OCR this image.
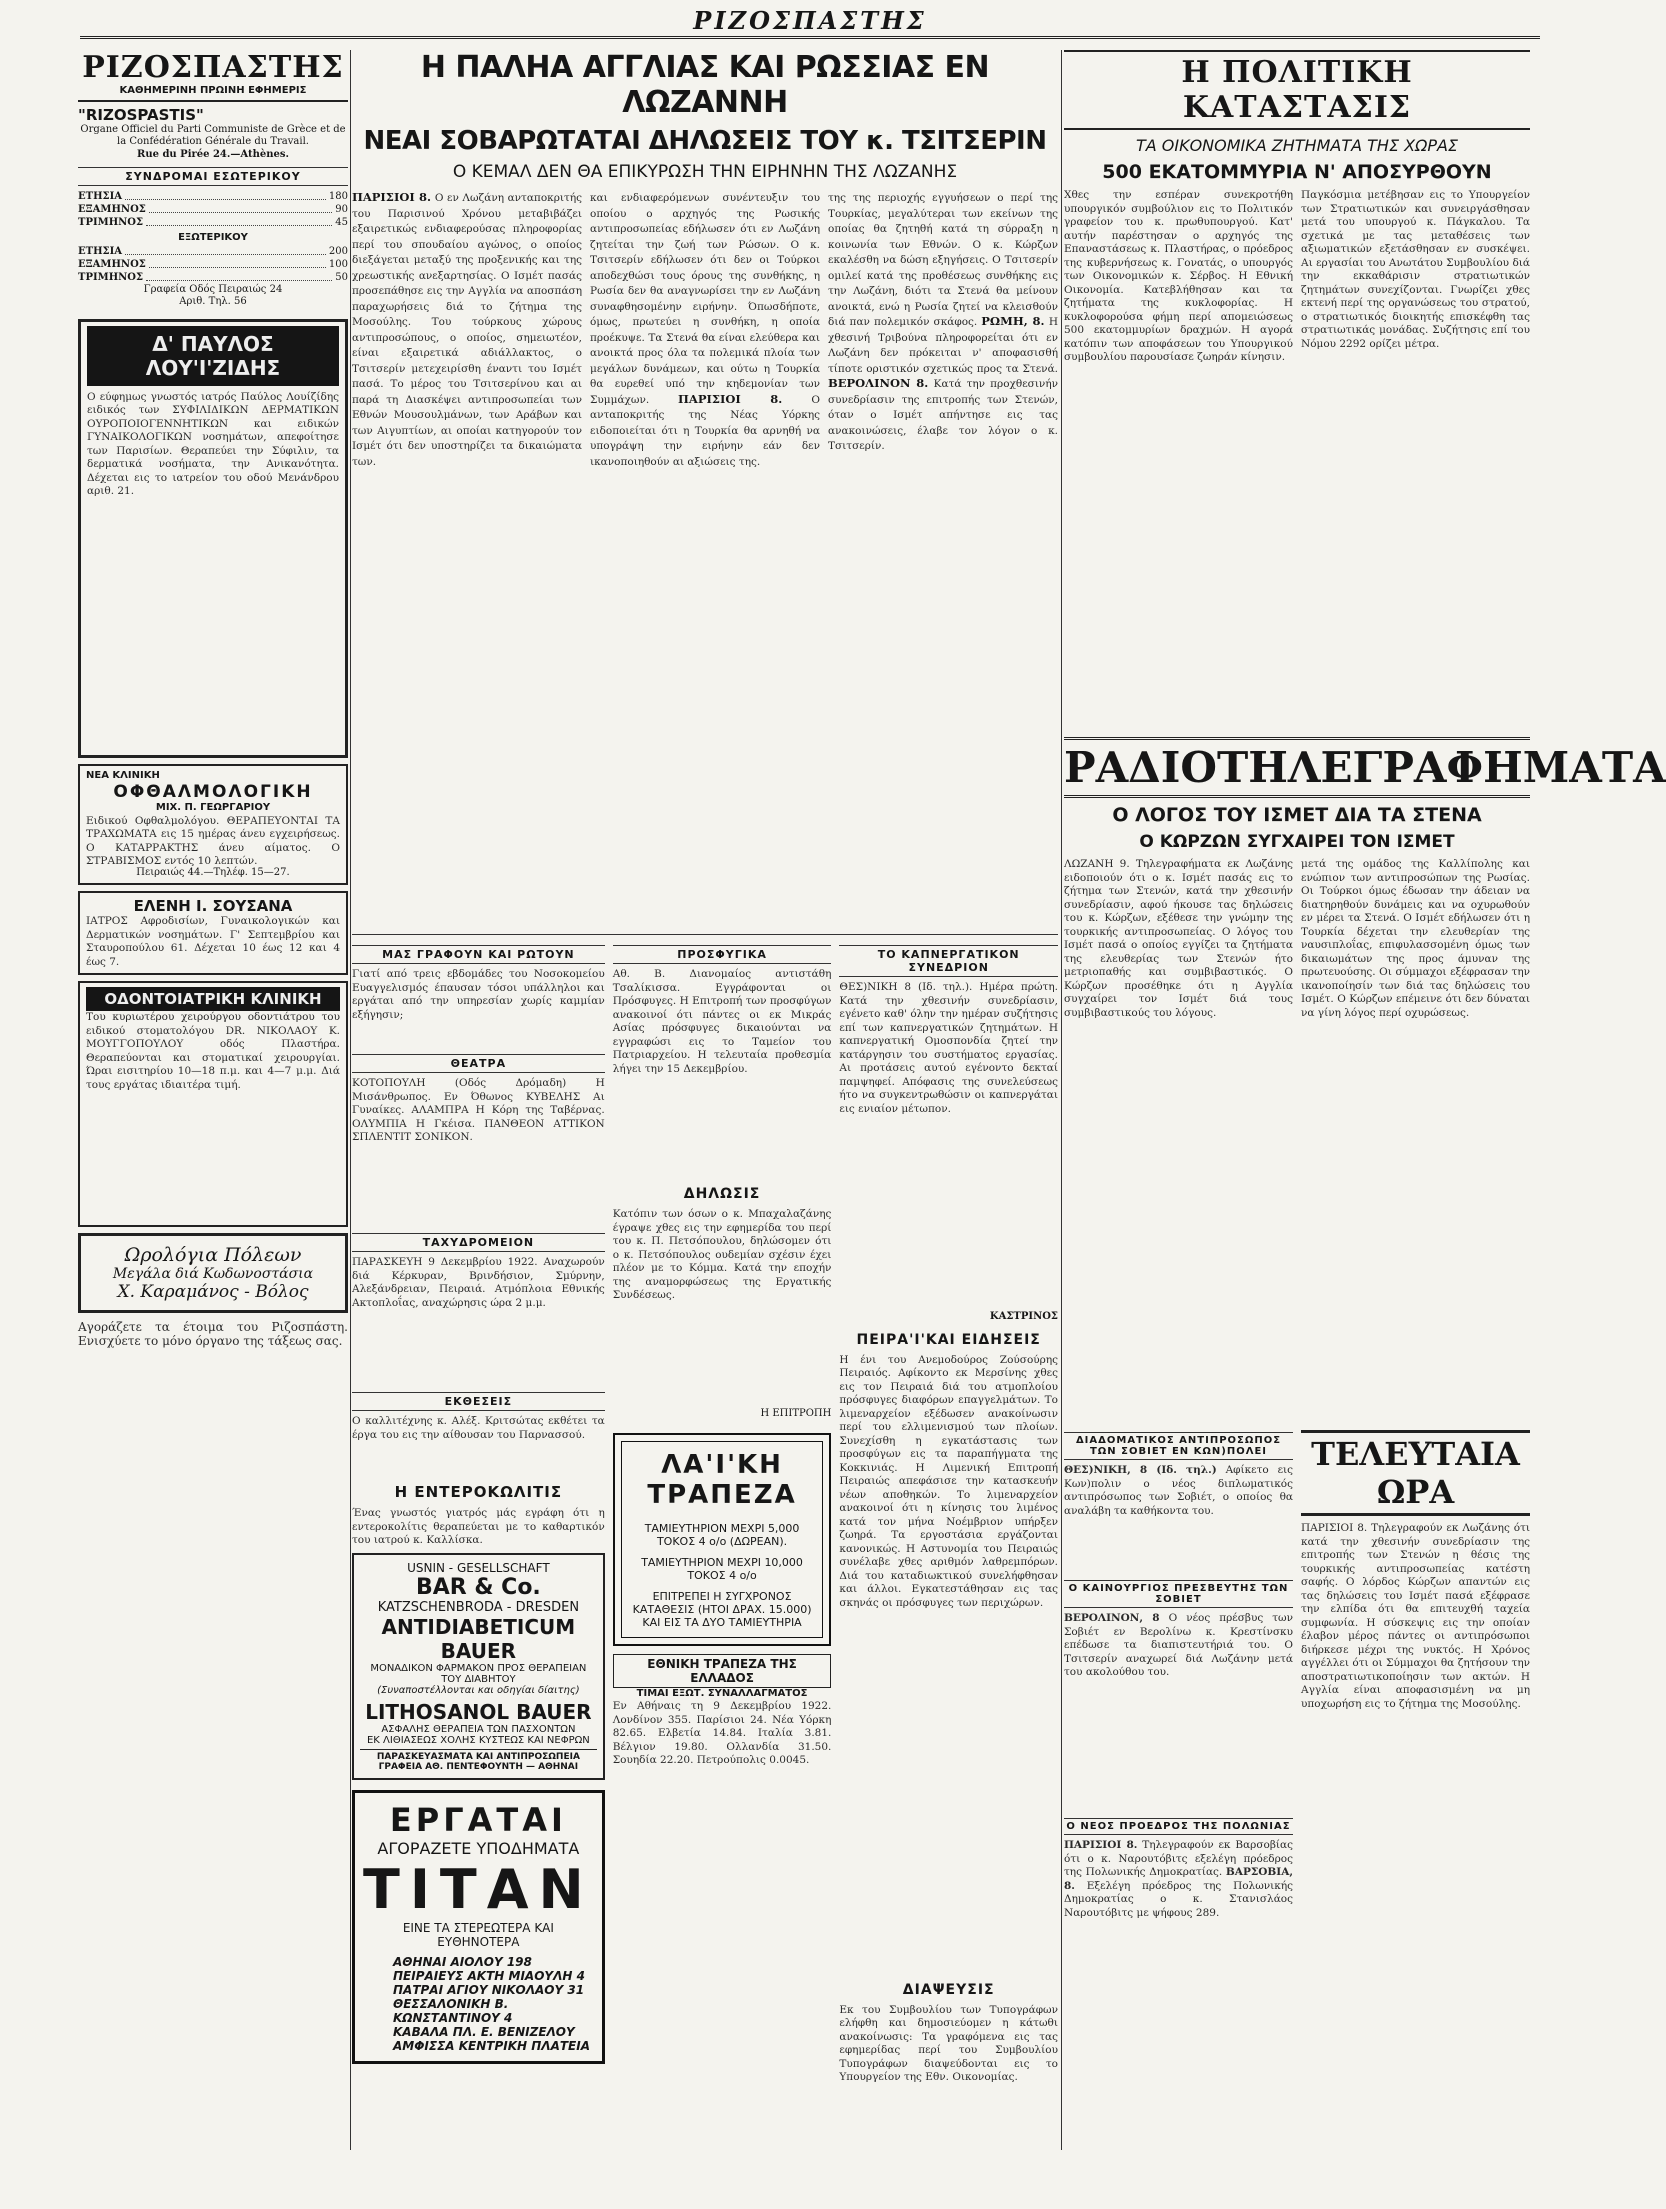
ΡΙΖΟΣΠΑΣΤΗΣ
ΡΙΖΟΣΠΑΣΤΗΣ
ΚΑΘΗΜΕΡΙΝΗ ΠΡΩΙΝΗ ΕΦΗΜΕΡΙΣ
"RIZOSPASTIS"
Organe Officiel du Parti Communiste de Grèce et de la Confédération Générale du Travail.
Rue du Pirée 24.—Athènes.
ΣΥΝΔΡΟΜΑΙ ΕΣΩΤΕΡΙΚΟΥ
ΕΤΗΣΙΑ	180
ΕΞΑΜΗΝΟΣ	90
ΤΡΙΜΗΝΟΣ	45
ΕΞΩΤΕΡΙΚΟΥ
ΕΤΗΣΙΑ	200
ΕΞΑΜΗΝΟΣ	100
ΤΡΙΜΗΝΟΣ	50
Γραφεία Οδός Πειραιώς 24
Αριθ. Τηλ. 56
Δ' ΠΑΥΛΟΣ ΛΟΥ'Ι'ΖΙΔΗΣ
Ο εύφημως γνωστός ιατρός Παύλος Λουίζίδης ειδικός των ΣΥΦΙΛΙΔΙΚΩΝ ΔΕΡΜΑΤΙΚΩΝ ΟΥΡΟΠΟΙΟΓΕΝΝΗΤΙΚΩΝ και ειδικών ΓΥΝΑΙΚΟΛΟΓΙΚΩΝ νοσημάτων, απεφοίτησε των Παρισίων. Θεραπεύει την Σύφιλιν, τα δερματικά νοσήματα, την Ανικανότητα. Δέχεται εις το ιατρείον του οδού Μενάνδρου αριθ. 21.
ΝΕΑ ΚΛΙΝΙΚΗ
ΟΦΘΑΛΜΟΛΟΓΙΚΗ
ΜΙΧ. Π. ΓΕΩΡΓΑΡΙΟΥ
Ειδικού Οφθαλμολόγου. ΘΕΡΑΠΕΥΟΝΤΑΙ ΤΑ ΤΡΑΧΩΜΑΤΑ εις 15 ημέρας άνευ εγχειρήσεως. Ο ΚΑΤΑΡΡΑΚΤΗΣ άνευ αίματος. Ο ΣΤΡΑΒΙΣΜΟΣ εντός 10 λεπτών.
Πειραιώς 44.—Τηλέφ. 15—27.
ΕΛΕΝΗ Ι. ΣΟΥΣΑΝΑ
ΙΑΤΡΟΣ Αφροδισίων, Γυναικολογικών και Δερματικών νοσημάτων. Γ' Σεπτεμβρίου και Σταυροπούλου 61. Δέχεται 10 έως 12 και 4 έως 7.
ΟΔΟΝΤΟΙΑΤΡΙΚΗ ΚΛΙΝΙΚΗ
Του κυριωτέρου χειρούργου οδοντιάτρου του ειδικού στοματολόγου DR. ΝΙΚΟΛΑΟΥ Κ. ΜΟΥΓΓΟΠΟΥΛΟΥ οδός Πλαστήρα. Θεραπεύονται και στοματικαί χειρουργίαι. Ώραι εισιτηρίου 10—18 π.μ. και 4—7 μ.μ. Διά τους εργάτας ιδιαιτέρα τιμή.
Ωρολόγια Πόλεων
Μεγάλα διά Κωδωνοστάσια
Χ. Καραμάνος - Βόλος
Αγοράζετε τα έτοιμα του Ριζοσπάστη. Ενισχύετε το μόνο όργανο της τάξεως σας.
Η ΠΑΛΗΑ ΑΓΓΛΙΑΣ ΚΑΙ ΡΩΣΣΙΑΣ ΕΝ ΛΩΖΑΝΝΗ
ΝΕΑΙ ΣΟΒΑΡΩΤΑΤΑΙ ΔΗΛΩΣΕΙΣ ΤΟΥ κ. ΤΣΙΤΣΕΡΙΝ
Ο ΚΕΜΑΛ ΔΕΝ ΘΑ ΕΠΙΚΥΡΩΣΗ ΤΗΝ ΕΙΡΗΝΗΝ ΤΗΣ ΛΩΖΑΝΗΣ
ΠΑΡΙΣΙΟΙ 8. Ο εν Λωζάνη ανταποκριτής του Παρισινού Χρόνου μεταβιβάζει εξαιρετικώς ενδιαφερούσας πληροφορίας περί του σπουδαίου αγώνος, ο οποίος διεξάγεται μεταξύ της προξενικής και της χρεωστικής ανεξαρτησίας. Ο Ισμέτ πασάς προσεπάθησε εις την Αγγλία να αποσπάση παραχωρήσεις διά το ζήτημα της Μοσούλης. Του τούρκους χώρους αντιπροσώπους, ο οποίος, σημειωτέον, είναι εξαιρετικά αδιάλλακτος, ο Τσιτσερίν μετεχειρίσθη έναντι του Ισμέτ πασά. Το μέρος του Τσιτσερίνου και αι παρά τη Διασκέψει αντιπροσωπείαι των Εθνών Μουσουλμάνων, των Αράβων και των Αιγυπτίων, αι οποίαι κατηγορούν τον Ισμέτ ότι δεν υποστηρίζει τα δικαιώματα των.
και ενδιαφερόμενων συνέντευξιν του οποίου ο αρχηγός της Ρωσικής αντιπροσωπείας εδήλωσεν ότι εν Λωζάνη ζητείται την ζωή των Ρώσων. Ο κ. Τσιτσερίν εδήλωσεν ότι δεν οι Τούρκοι αποδεχθώσι τους όρους της συνθήκης, η Ρωσία δεν θα αναγνωρίσει την εν Λωζάνη συναφθησομένην ειρήνην. Όπωσδήποτε, όμως, πρωτεύει η συνθήκη, η οποία προέκυψε. Τα Στενά θα είναι ελεύθερα και ανοικτά προς όλα τα πολεμικά πλοία των μεγάλων δυνάμεων, και ούτω η Τουρκία θα ευρεθεί υπό την κηδεμονίαν των Συμμάχων. ΠΑΡΙΣΙΟΙ 8.	Ο ανταποκριτής της Νέας Υόρκης ειδοποιείται ότι η Τουρκία θα αρνηθή να υπογράψη την ειρήνην εάν δεν ικανοποιηθούν αι αξιώσεις της.
της της περιοχής εγγυήσεων ο περί της Τουρκίας, μεγαλύτεραι των εκείνων της οποίας θα ζητηθή κατά τη σύρραξη η κοινωνία των Εθνών. Ο κ. Κώρζων εκαλέσθη να δώση εξηγήσεις. Ο Τσιτσερίν ομιλεί κατά της προθέσεως συνθήκης εις την Λωζάνη, διότι τα Στενά θα μείνουν ανοικτά, ενώ η Ρωσία ζητεί να κλεισθούν διά παν πολεμικόν σκάφος. ΡΩΜΗ, 8. Η χθεσινή Τριβούνα πληροφορείται ότι εν Λωζάνη δεν πρόκειται ν' αποφασισθή τίποτε οριστικόν σχετικώς προς τα Στενά. ΒΕΡΟΛΙΝΟΝ 8. Κατά την προχθεσινήν συνεδρίασιν της επιτροπής των Στενών, όταν ο Ισμέτ απήντησε εις τας ανακοινώσεις, έλαβε τον λόγον ο κ. Τσιτσερίν.
ΜΑΣ ΓΡΑΦΟΥΝ ΚΑΙ ΡΩΤΟΥΝ
Γιατί από τρεις εβδομάδες του Νοσοκομείου Ευαγγελισμός έπαυσαν τόσοι υπάλληλοι και εργάται από την υπηρεσίαν χωρίς καμμίαν εξήγησιν;
ΘΕΑΤΡΑ
ΚΟΤΟΠΟΥΛΗ (Οδός Δρόμαδη) Η Μισάνθρωπος. Εν Όθωνος ΚΥΒΕΛΗΣ Αι Γυναίκες. ΑΛΑΜΠΡΑ Η Κόρη της Ταβέρνας. ΟΛΥΜΠΙΑ Η Γκέισα. ΠΑΝΘΕΟΝ ΑΤΤΙΚΟΝ ΣΠΛΕΝΤΙΤ ΣΟΝΙΚΟΝ.
ΤΑΧΥΔΡΟΜΕΙΟΝ
ΠΑΡΑΣΚΕΥΗ 9 Δεκεμβρίου 1922. Αναχωρούν διά Κέρκυραν, Βρινδήσιον, Σμύρνην, Αλεξάνδρειαν, Πειραιά. Ατμόπλοια Εθνικής Ακτοπλοΐας, αναχώρησις ώρα 2 μ.μ.
ΕΚΘΕΣΕΙΣ
Ο καλλιτέχνης κ. Αλέξ. Κριτσώτας εκθέτει τα έργα του εις την αίθουσαν του Παρνασσού.
Η ΕΝΤΕΡΟΚΩΛΙΤΙΣ
Ένας γνωστός γιατρός μάς εγράφη ότι η εντεροκολίτις θεραπεύεται με το καθαρτικόν του ιατρού κ. Καλλίσκα.
USNIN - GESELLSCHAFT
BAR & Co.
KATZSCHENBRODA - DRESDEN
ANTIDIABETICUM BAUER
ΜΟΝΑΔΙΚΟΝ ΦΑΡΜΑΚΟΝ ΠΡΟΣ ΘΕΡΑΠΕΙΑΝ ΤΟΥ ΔΙΑΒΗΤΟΥ
(Συναποστέλλονται και οδηγίαι δίαιτης)
LITHOSANOL BAUER
ΑΣΦΑΛΗΣ ΘΕΡΑΠΕΙΑ ΤΩΝ ΠΑΣΧΟΝΤΩΝ
ΕΚ ΛΙΘΙΑΣΕΩΣ ΧΟΛΗΣ ΚΥΣΤΕΩΣ ΚΑΙ ΝΕΦΡΩΝ
ΠΑΡΑΣΚΕΥΑΣΜΑΤΑ ΚΑΙ ΑΝΤΙΠΡΟΣΩΠΕΙΑ ΓΡΑΦΕΙΑ ΑΘ. ΠΕΝΤΕΦΟΥΝΤΗ — ΑΘΗΝΑΙ
ΕΡΓΑΤΑΙ
ΑΓΟΡΑΖΕΤΕ ΥΠΟΔΗΜΑΤΑ
ΤΙΤΑΝ
ΕΙΝΕ ΤΑ ΣΤΕΡΕΩΤΕΡΑ ΚΑΙ ΕΥΘΗΝΟΤΕΡΑ
ΑΘΗΝΑΙ ΑΙΟΛΟΥ 198
ΠΕΙΡΑΙΕΥΣ ΑΚΤΗ ΜΙΑΟΥΛΗ 4
ΠΑΤΡΑΙ ΑΓΙΟΥ ΝΙΚΟΛΑΟΥ 31
ΘΕΣΣΑΛΟΝΙΚΗ Β. ΚΩΝΣΤΑΝΤΙΝΟΥ 4
ΚΑΒΑΛΑ ΠΛ. Ε. ΒΕΝΙΖΕΛΟΥ
ΑΜΦΙΣΣΑ ΚΕΝΤΡΙΚΗ ΠΛΑΤΕΙΑ
ΠΡΟΣΦΥΓΙΚΑ
Αθ. Β. Διανομαίος αντιστάθη Τσαλίκισσα. Εγγράφονται οι Πρόσφυγες. Η Επιτροπή των προσφύγων ανακοινοί ότι πάντες οι εκ Μικράς Ασίας πρόσφυγες δικαιούνται να εγγραφώσι εις το Ταμείον του Πατριαρχείου. Η τελευταία προθεσμία λήγει την 15 Δεκεμβρίου.
ΔΗΛΩΣΙΣ
Κατόπιν των όσων ο κ. Μπαχαλαζάνης έγραψε χθες εις την εφημερίδα του περί του κ. Π. Πετσόπουλου, δηλώσομεν ότι ο κ. Πετσόπουλος ουδεμίαν σχέσιν έχει πλέον με το Κόμμα. Κατά την εποχήν της αναμορφώσεως της Εργατικής Συνδέσεως.
Η ΕΠΙΤΡΟΠΗ
ΛΑ'Ι'ΚΗ ΤΡΑΠΕΖΑ
ΤΑΜΙΕΥΤΗΡΙΟΝ ΜΕΧΡΙ 5,000 ΤΟΚΟΣ 4 ο/ο (ΔΩΡΕΑΝ).
ΤΑΜΙΕΥΤΗΡΙΟΝ ΜΕΧΡΙ 10,000 ΤΟΚΟΣ 4 ο/ο
ΕΠΙΤΡΕΠΕΙ Η ΣΥΓΧΡΟΝΟΣ ΚΑΤΑΘΕΣΙΣ (ΗΤΟΙ ΔΡΑΧ. 15.000) ΚΑΙ ΕΙΣ ΤΑ ΔΥΟ ΤΑΜΙΕΥΤΗΡΙΑ
ΕΘΝΙΚΗ ΤΡΑΠΕΖΑ ΤΗΣ ΕΛΛΑΔΟΣ
ΤΙΜΑΙ ΕΞΩΤ. ΣΥΝΑΛΛΑΓΜΑΤΟΣ
Εν Αθήναις τη 9 Δεκεμβρίου 1922. Λονδίνον 355. Παρίσιοι 24. Νέα Υόρκη 82.65. Ελβετία 14.84. Ιταλία 3.81. Βέλγιον 19.80. Ολλανδία 31.50. Σουηδία 22.20. Πετρούπολις 0.0045.
ΤΟ ΚΑΠΝΕΡΓΑΤΙΚΟΝ ΣΥΝΕΔΡΙΟΝ
ΘΕΣ)ΝΙΚΗ 8 (Ιδ. τηλ.). Ημέρα πρώτη. Κατά την χθεσινήν συνεδρίασιν, εγένετο καθ' όλην την ημέραν συζήτησις επί των καπνεργατικών ζητημάτων. Η καπνεργατική Ομοσπονδία ζητεί την κατάργησιν του συστήματος εργασίας. Αι προτάσεις αυτού εγένοντο δεκταί παμψηφεί. Απόφασις της συνελεύσεως ήτο να συγκεντρωθώσιν οι καπνεργάται εις ενιαίον μέτωπον.
ΚΑΣΤΡΙΝΟΣ
ΠΕΙΡΑ'Ι'ΚΑΙ ΕΙΔΗΣΕΙΣ
Η ένι του Ανεμοδούρος Ζούσούρης Πειραιός. Αφίκοντο εκ Μερσίνης χθες εις τον Πειραιά διά του ατμοπλοίου πρόσφυγες διαφόρων επαγγελμάτων. Το λιμεναρχείον εξέδωσεν ανακοίνωσιν περί του ελλιμενισμού των πλοίων. Συνεχίσθη η εγκατάστασις των προσφύγων εις τα παραπήγματα της Κοκκινιάς. Η Λιμενική Επιτροπή Πειραιώς απεφάσισε την κατασκευήν νέων αποθηκών. Το λιμεναρχείον ανακοινοί ότι η κίνησις του λιμένος κατά τον μήνα Νοέμβριον υπήρξεν ζωηρά. Τα εργοστάσια εργάζονται κανονικώς. Η Αστυνομία του Πειραιώς συνέλαβε χθες αριθμόν λαθρεμπόρων. Διά του καταδιωκτικού συνελήφθησαν και άλλοι. Εγκατεστάθησαν εις τας σκηνάς οι πρόσφυγες των περιχώρων.
ΔΙΑΨΕΥΣΙΣ
Εκ του Συμβουλίου των Τυπογράφων ελήφθη και δημοσιεύομεν η κάτωθι ανακοίνωσις: Τα γραφόμενα εις τας εφημερίδας περί του Συμβουλίου Τυπογράφων διαψεύδονται εις το Υπουργείον της Εθν. Οικονομίας.
Η ΠΟΛΙΤΙΚΗ ΚΑΤΑΣΤΑΣΙΣ
ΤΑ ΟΙΚΟΝΟΜΙΚΑ ΖΗΤΗΜΑΤΑ ΤΗΣ ΧΩΡΑΣ
500 ΕΚΑΤΟΜΜΥΡΙΑ Ν' ΑΠΟΣΥΡΘΟΥΝ
Χθες την εσπέραν συνεκροτήθη υπουργικόν συμβούλιον εις το Πολιτικόν γραφείον του κ. πρωθυπουργού. Κατ' αυτήν παρέστησαν ο αρχηγός της Επαναστάσεως κ. Πλαστήρας, ο πρόεδρος της κυβερνήσεως κ. Γονατάς, ο υπουργός των Οικονομικών κ. Σέρβος. Η Εθνική Οικονομία. Κατεβλήθησαν και τα ζητήματα της κυκλοφορίας. Η κυκλοφορούσα φήμη περί απομειώσεως 500 εκατομμυρίων δραχμών. Η αγορά κατόπιν των αποφάσεων του Υπουργικού συμβουλίου παρουσίασε ζωηράν κίνησιν.
Παγκόσμια μετέβησαν εις το Υπουργείον των Στρατιωτικών και συνειργάσθησαν μετά του υπουργού κ. Πάγκαλου. Τα σχετικά με τας μεταθέσεις των αξιωματικών εξετάσθησαν εν συσκέψει. Αι εργασίαι του Ανωτάτου Συμβουλίου διά την εκκαθάρισιν στρατιωτικών ζητημάτων συνεχίζονται. Γνωρίζει χθες εκτενή περί της οργανώσεως του στρατού, ο στρατιωτικός διοικητής επισκέφθη τας στρατιωτικάς μονάδας. Συζήτησις επί του Νόμου 2292 ορίζει μέτρα.
ΡΑΔΙΟΤΗΛΕΓΡΑΦΗΜΑΤΑ
Ο ΛΟΓΟΣ ΤΟΥ ΙΣΜΕΤ ΔΙΑ ΤΑ ΣΤΕΝΑ
Ο ΚΩΡΖΩΝ ΣΥΓΧΑΙΡΕΙ ΤΟΝ ΙΣΜΕΤ
ΛΩΖΑΝΗ 9. Τηλεγραφήματα εκ Λωζάνης ειδοποιούν ότι ο κ. Ισμέτ πασάς εις το ζήτημα των Στενών, κατά την χθεσινήν συνεδρίασιν, αφού ήκουσε τας δηλώσεις του κ. Κώρζων, εξέθεσε την γνώμην της τουρκικής αντιπροσωπείας. Ο λόγος του Ισμέτ πασά ο οποίος εγγίζει τα ζητήματα της ελευθερίας των Στενών ήτο μετριοπαθής και συμβιβαστικός. Ο Κώρζων προσέθηκε ότι η Αγγλία συγχαίρει τον Ισμέτ διά τους συμβιβαστικούς του λόγους.
μετά της ομάδος της Καλλίπολης και ενώπιον των αντιπροσώπων της Ρωσίας. Οι Τούρκοι όμως έδωσαν την άδειαν να διατηρηθούν δυνάμεις και να οχυρωθούν εν μέρει τα Στενά. Ο Ισμέτ εδήλωσεν ότι η Τουρκία δέχεται την ελευθερίαν της ναυσιπλοΐας, επιφυλασσομένη όμως των δικαιωμάτων της προς άμυναν της πρωτευούσης. Οι σύμμαχοι εξέφρασαν την ικανοποίησίν των διά τας δηλώσεις του Ισμέτ. Ο Κώρζων επέμεινε ότι δεν δύναται να γίνη λόγος περί οχυρώσεως.
ΔΙΑΔΟΜΑΤΙΚΟΣ ΑΝΤΙΠΡΟΣΩΠΟΣ ΤΩΝ ΣΟΒΙΕΤ ΕΝ ΚΩΝ)ΠΟΛΕΙ
ΘΕΣ)ΝΙΚΗ, 8 (Ιδ. τηλ.) Αφίκετο εις Κων)πολιν ο νέος διπλωματικός αντιπρόσωπος των Σοβιέτ, ο οποίος θα αναλάβη τα καθήκοντα του.
Ο ΚΑΙΝΟΥΡΓΙΟΣ ΠΡΕΣΒΕΥΤΗΣ ΤΩΝ ΣΟΒΙΕΤ
ΒΕΡΟΛΙΝΟΝ, 8 Ο νέος πρέσβυς των Σοβιέτ εν Βερολίνω κ. Κρεστίνσκυ επέδωσε τα διαπιστευτήριά του. Ο Τσιτσερίν αναχωρεί διά Λωζάνην μετά του ακολούθου του.
Ο ΝΕΟΣ ΠΡΟΕΔΡΟΣ ΤΗΣ ΠΟΛΩΝΙΑΣ
ΠΑΡΙΣΙΟΙ 8. Τηλεγραφούν εκ Βαρσοβίας ότι ο κ. Ναρουτόβιτς εξελέγη πρόεδρος της Πολωνικής Δημοκρατίας. ΒΑΡΣΟΒΙΑ, 8. Εξελέγη πρόεδρος της Πολωνικής Δημοκρατίας ο κ. Στανισλάος Ναρουτόβιτς με ψήφους 289.
ΤΕΛΕΥΤΑΙΑ ΩΡΑ
ΠΑΡΙΣΙΟΙ 8. Τηλεγραφούν εκ Λωζάνης ότι κατά την χθεσινήν συνεδρίασιν της επιτροπής των Στενών η θέσις της τουρκικής αντιπροσωπείας κατέστη σαφής. Ο λόρδος Κώρζων απαντών εις τας δηλώσεις του Ισμέτ πασά εξέφρασε την ελπίδα ότι θα επιτευχθή ταχεία συμφωνία. Η σύσκεψις εις την οποίαν έλαβον μέρος πάντες οι αντιπρόσωποι διήρκεσε μέχρι της νυκτός. Η Χρόνος αγγέλλει ότι οι Σύμμαχοι θα ζητήσουν την αποστρατιωτικοποίησιν των ακτών. Η Αγγλία είναι αποφασισμένη να μη υποχωρήση εις το ζήτημα της Μοσούλης.
